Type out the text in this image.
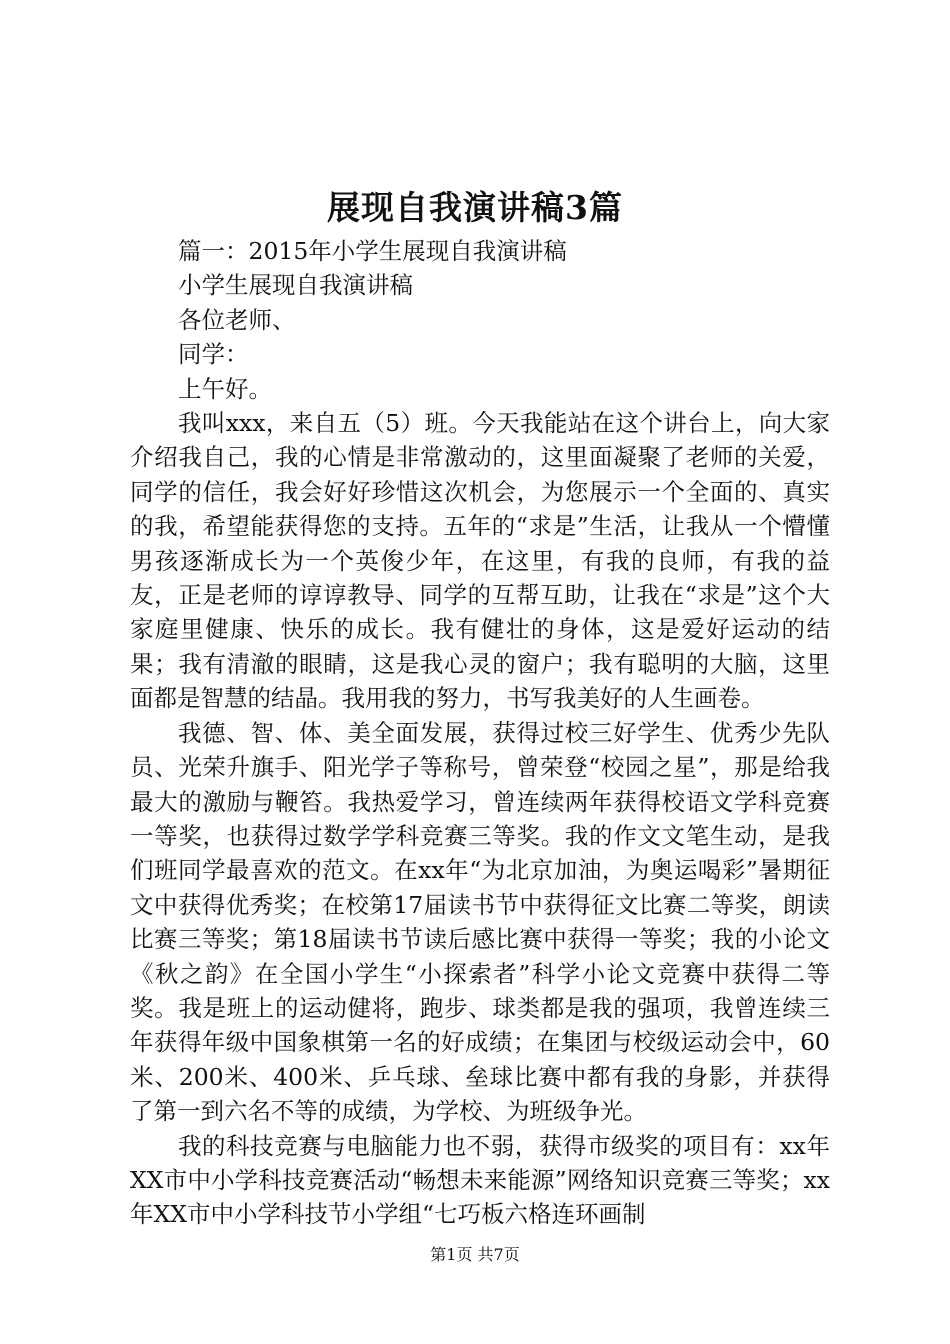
展现自我演讲稿3篇

篇一：2015年小学生展现自我演讲稿

小学生展现自我演讲稿

各位老师、

同学：

上午好。

我叫xxx，来自五（5）班。今天我能站在这个讲台上，向大家介绍我自己，我的心情是非常激动的，这里面凝聚了老师的关爱，同学的信任，我会好好珍惜这次机会，为您展示一个全面的、真实的我，希望能获得您的支持。五年的“求是”生活，让我从一个懵懂男孩逐渐成长为一个英俊少年，在这里，有我的良师，有我的益友，正是老师的谆谆教导、同学的互帮互助，让我在“求是”这个大家庭里健康、快乐的成长。我有健壮的身体，这是爱好运动的结果；我有清澈的眼睛，这是我心灵的窗户；我有聪明的大脑，这里面都是智慧的结晶。我用我的努力，书写我美好的人生画卷。

我德、智、体、美全面发展，获得过校三好学生、优秀少先队员、光荣升旗手、阳光学子等称号，曾荣登“校园之星”，那是给我最大的激励与鞭笞。我热爱学习，曾连续两年获得校语文学科竞赛一等奖，也获得过数学学科竞赛三等奖。我的作文文笔生动，是我们班同学最喜欢的范文。在xx年“为北京加油，为奥运喝彩”暑期征文中获得优秀奖；在校第17届读书节中获得征文比赛二等奖，朗读比赛三等奖；第18届读书节读后感比赛中获得一等奖；我的小论文《秋之韵》在全国小学生“小探索者”科学小论文竞赛中获得二等奖。我是班上的运动健将，跑步、球类都是我的强项，我曾连续三年获得年级中国象棋第一名的好成绩；在集团与校级运动会中，60米、200米、400米、乒乓球、垒球比赛中都有我的身影，并获得了第一到六名不等的成绩，为学校、为班级争光。

我的科技竞赛与电脑能力也不弱，获得市级奖的项目有：xx年XX市中小学科技竞赛活动“畅想未来能源”网络知识竞赛三等奖；xx年XX市中小学科技节小学组“七巧板六格连环画制

第1页 共7页
